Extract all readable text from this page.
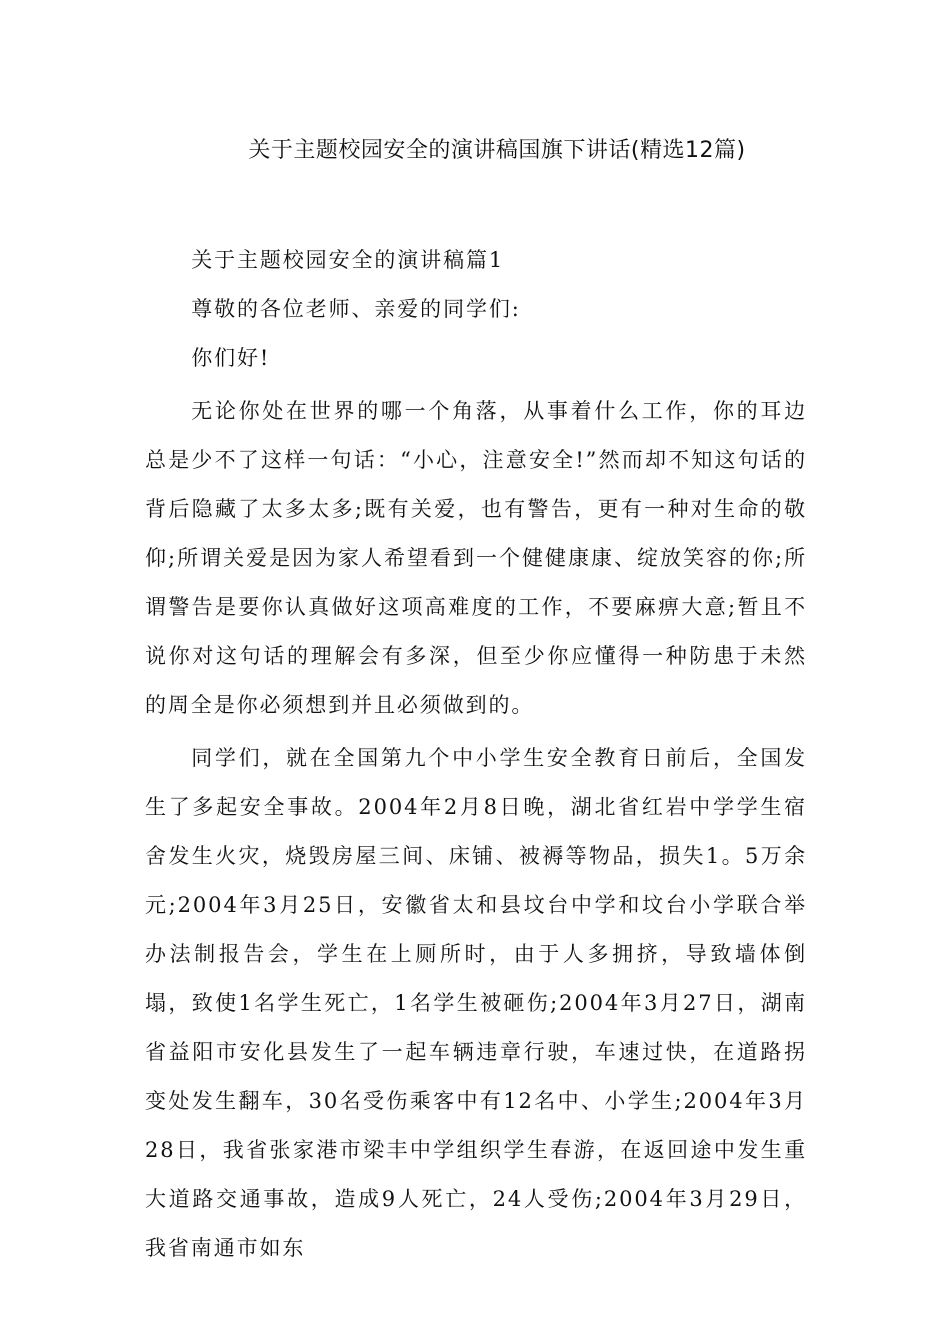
关于主题校园安全的演讲稿国旗下讲话(精选12篇)

关于主题校园安全的演讲稿篇1

尊敬的各位老师、亲爱的同学们:

你们好!

无论你处在世界的哪一个角落，从事着什么工作，你的耳边总是少不了这样一句话：“小心，注意安全!”然而却不知这句话的背后隐藏了太多太多;既有关爱，也有警告，更有一种对生命的敬仰;所谓关爱是因为家人希望看到一个健健康康、绽放笑容的你;所谓警告是要你认真做好这项高难度的工作，不要麻痹大意;暂且不说你对这句话的理解会有多深，但至少你应懂得一种防患于未然的周全是你必须想到并且必须做到的。

同学们，就在全国第九个中小学生安全教育日前后，全国发生了多起安全事故。2004年2月8日晚，湖北省红岩中学学生宿舍发生火灾，烧毁房屋三间、床铺、被褥等物品，损失1。5万余元;2004年3月25日，安徽省太和县坟台中学和坟台小学联合举办法制报告会，学生在上厕所时，由于人多拥挤，导致墙体倒塌，致使1名学生死亡，1名学生被砸伤;2004年3月27日，湖南省益阳市安化县发生了一起车辆违章行驶，车速过快，在道路拐变处发生翻车，30名受伤乘客中有12名中、小学生;2004年3月28日，我省张家港市梁丰中学组织学生春游，在返回途中发生重大道路交通事故，造成9人死亡，24人受伤;2004年3月29日，我省南通市如东
